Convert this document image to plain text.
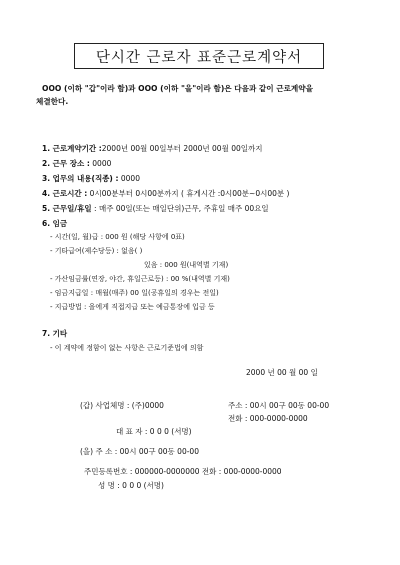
단시간 근로자 표준근로계약서
OOO (이하 "갑"이라 함)과 OOO (이하 "을"이라 함)은 다음과 같이 근로계약을
체결한다.
1. 근로계약기간 :2000년 00월 00일부터 2000년 00월 00일까지
2. 근무 장소 : 0000
3. 업무의 내용(직종) : 0000
4. 근로시간 : 0시00분부터 0시00분까지 ( 휴게시간 :0시00분~0시00분 )
5. 근무일/휴일 : 매주 00일(또는 매일단위)근무, 주휴일 매주 00요일
6. 임금
- 시간(일, 월)급 : 000 원 (해당 사항에 0표)
- 기타급여(제수당등) : 없음( )
있음 : 000 원(내역별 기재)
- 가산임금률(연장, 야간, 휴일근로등) : 00 %(내역별 기재)
- 임금지급일 : 매월(매주) 00 일(공휴일의 경우는 전일)
- 지급방법 : 을에게 직접지급 또는 예금통장에 입금 등
7. 기타
- 이 계약에 정함이 없는 사항은 근로기준법에 의함
2000 년 00 월 00 일
(갑) 사업체명 : (주)0000	주소 : 00시 00구 00동 00-00
전화 : 000-0000-0000
대 표 자 : 0 0 0 (서명)
(을) 주 소 : 00시 00구 00동 00-00
주민등록번호 : 000000-0000000 전화 : 000-0000-0000
성 명 : 0 0 0 (서명)
